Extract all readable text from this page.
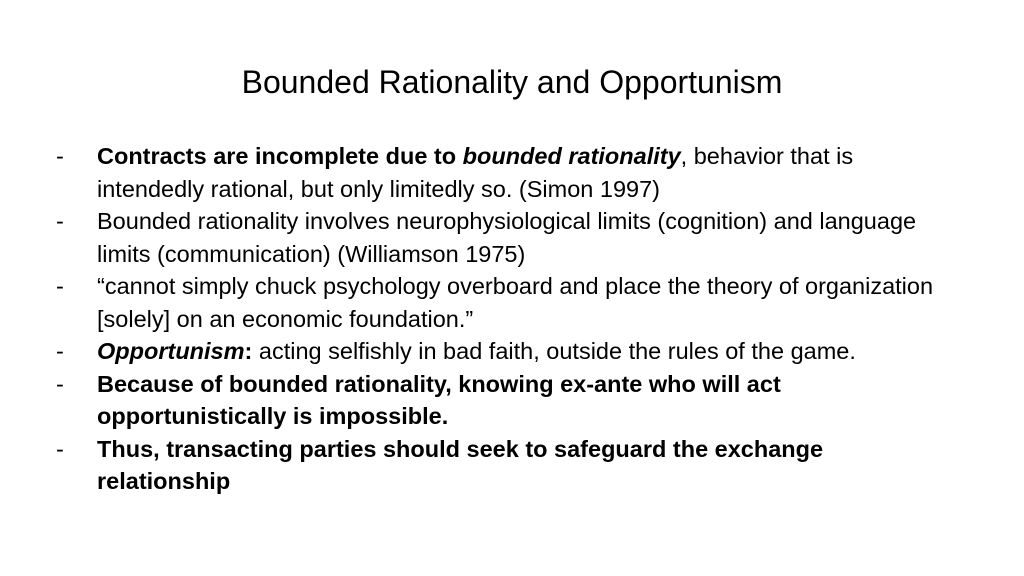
Bounded Rationality and Opportunism
-	Contracts are incomplete due to bounded rationality, behavior that is intendedly rational, but only limitedly so. (Simon 1997)
-	Bounded rationality involves neurophysiological limits (cognition) and language limits (communication) (Williamson 1975)
-	“cannot simply chuck psychology overboard and place the theory of organization [solely] on an economic foundation.”
-	Opportunism: acting selfishly in bad faith, outside the rules of the game.
-	Because of bounded rationality, knowing ex-ante who will act opportunistically is impossible.
-	Thus, transacting parties should seek to safeguard the exchange relationship
